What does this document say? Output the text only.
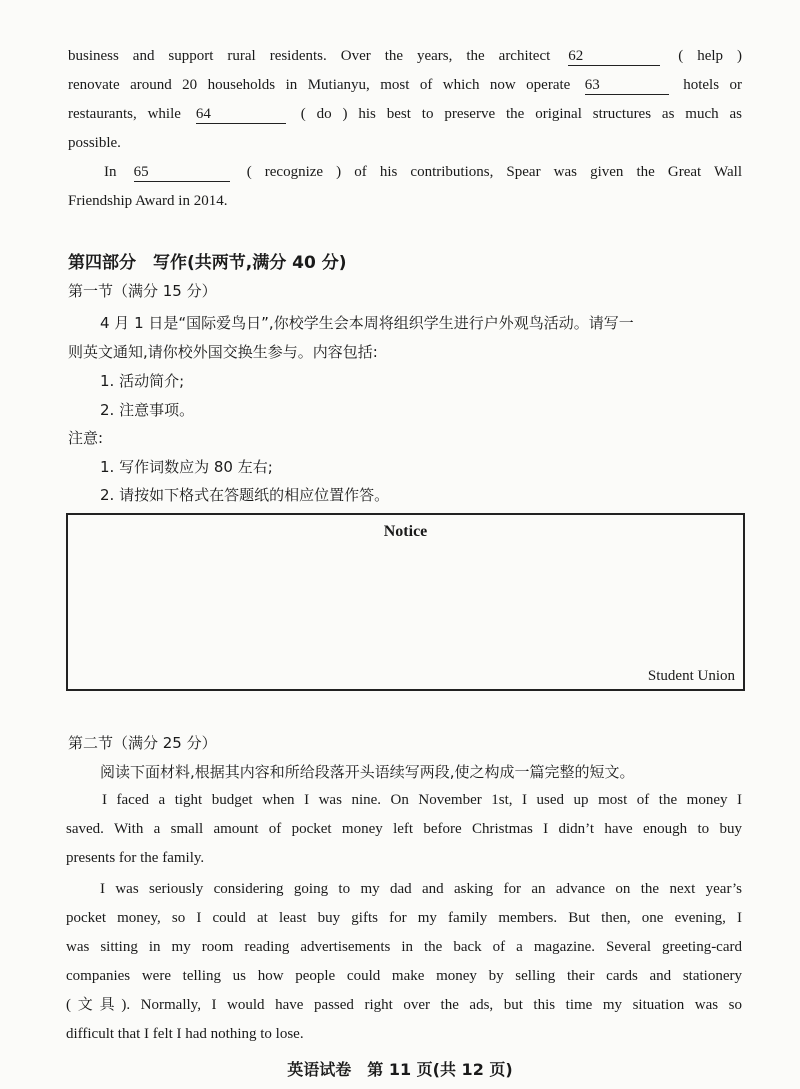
business and support rural residents. Over the years, the architect 62	( help )
renovate around 20 households in Mutianyu, most of which now operate 63	hotels or
restaurants, while 64	( do ) his best to preserve the original structures as much as
possible.
In 65	( recognize ) of his contributions, Spear was given the Great Wall
Friendship Award in 2014.

第四部分　写作(共两节,满分 40 分)

第一节（满分 15 分）
4 月 1 日是“国际爱鸟日”,你校学生会本周将组织学生进行户外观鸟活动。请写一
则英文通知,请你校外国交换生参与。内容包括:
1. 活动简介;
2. 注意事项。
注意:
1. 写作词数应为 80 左右;
2. 请按如下格式在答题纸的相应位置作答。
Notice
Student Union
第二节（满分 25 分）
阅读下面材料,根据其内容和所给段落开头语续写两段,使之构成一篇完整的短文。
I faced a tight budget when I was nine. On November 1st, I used up most of the money I
saved. With a small amount of pocket money left before Christmas I didn’t have enough to buy
presents for the family.
I was seriously considering going to my dad and asking for an advance on the next year’s
pocket money, so I could at least buy gifts for my family members. But then, one evening, I
was sitting in my room reading advertisements in the back of a magazine. Several greeting-card
companies were telling us how people could make money by selling their cards and stationery
(文具). Normally, I would have passed right over the ads, but this time my situation was so
difficult that I felt I had nothing to lose.
英语试卷　第 11 页(共 12 页)
